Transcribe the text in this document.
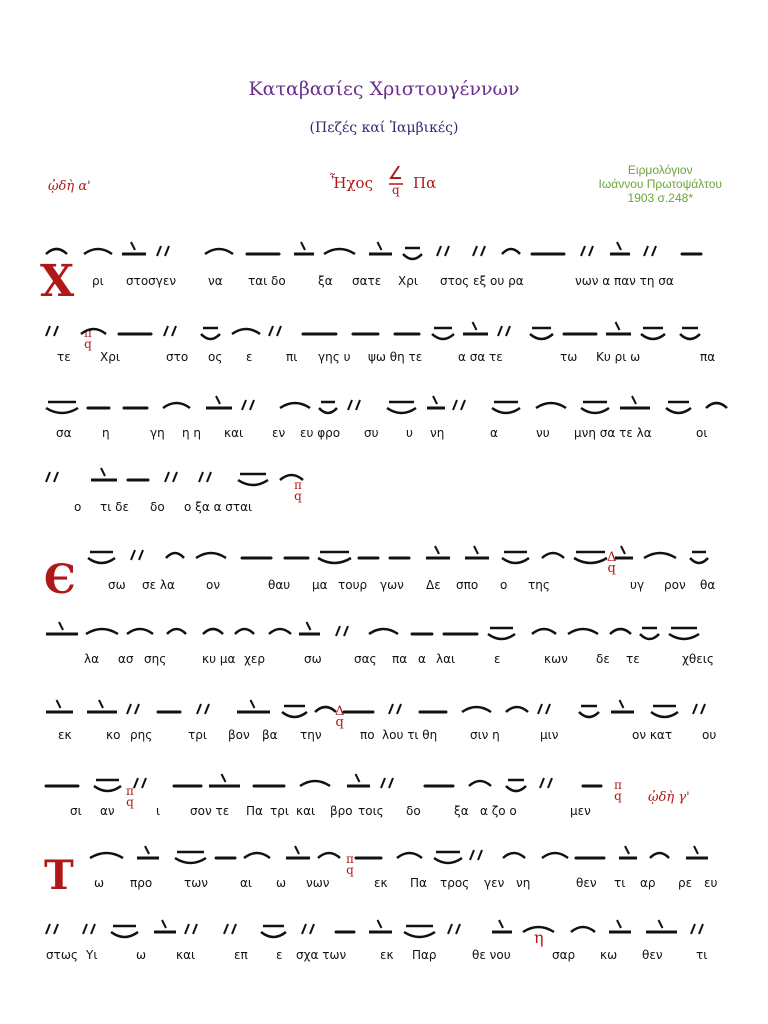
Καταβασίες Χριστουγέννων
(Πεζές καί Ἰαμβικές)
ᾠδὴ α'	Ἦχος q Πα
Ειρμολόγιον
Ιωάννου Πρωτοψάλτου
1903 σ.248*
Χ
Є
Τ
π
q
π
q
Δ
q
Δ
q
π
q
π
q ᾠδὴ γ'
π
q
η
ρι στοσγεν	να ται δο	ξα σατε Χρι στος εξ ου ρα	νων α παν τη σα
τε Χρι	στο ος ε	πι γης υ ψω θη τε	α σα τε	τω Κυ ρι ω	πα
σα	η	γη η η και εν ευ φρο συ υ νη	α	νυ μνη σα τε λα	οι
ο τι δε δο ο ξα α σται
σω σε λα	ον	θαυ μα τουρ γων Δε σπο ο της	υγ ρον θα
λα ασ σης	κυ μα χερ	σω	σας πα α λαι	ε	κων δε τε	χθεις
εκ	κο ρης	τρι βον βα την	πο λου τι θη	σιν η	μιν	ον κατ ου
σι αν	ι σον τε Πα τρι και βρο τοις δο	ξα α ζο ο	μεν
ω προ	των	αι ω νων	εκ Πα τρος γεν νη	θεν τι αρ ρε ευ
στως Υι	ω και	επ ε σχα των	εκ Παρ	θε νου	σαρ κω θεν	τι
